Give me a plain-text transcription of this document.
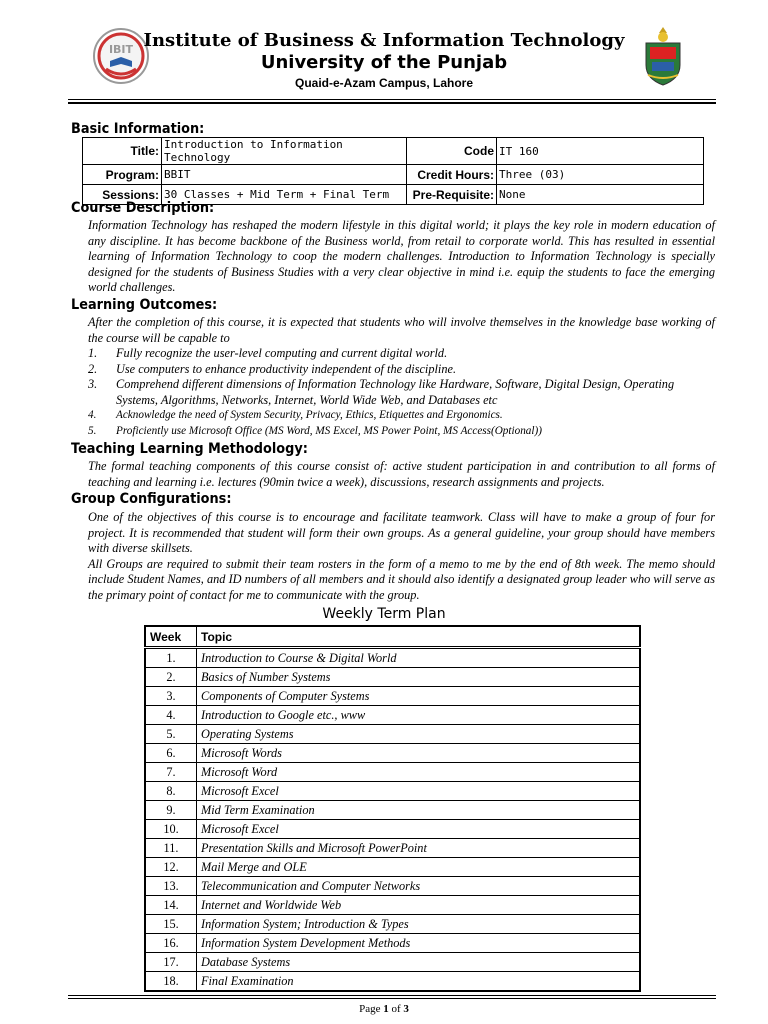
IBIT Institute of Business & Information Technology
University of the Punjab
Quaid-e-Azam Campus, Lahore
Basic Information:
Title:	Introduction to Information Technology	Code	IT 160
Program:	BBIT	Credit Hours:	Three (03)
Sessions:	30 Classes + Mid Term + Final Term	Pre-Requisite:	None
Course Description:

Information Technology has reshaped the modern lifestyle in this digital world; it plays the key role in modern education of any discipline. It has become backbone of the Business world, from retail to corporate world. This has resulted in essential learning of Information Technology to coop the modern challenges. Introduction to Information Technology is specially designed for the students of Business Studies with a very clear objective in mind i.e. equip the students to face the emerging world challenges.

Learning Outcomes:

After the completion of this course, it is expected that students who will involve themselves in the knowledge base working of the course will be capable to

1. Fully recognize the user-level computing and current digital world.
2. Use computers to enhance productivity independent of the discipline.
3. Comprehend different dimensions of Information Technology like Hardware, Software, Digital Design, Operating Systems, Algorithms, Networks, Internet, World Wide Web, and Databases etc
4. Acknowledge the need of System Security, Privacy, Ethics, Etiquettes and Ergonomics.
5. Proficiently use Microsoft Office (MS Word, MS Excel, MS Power Point, MS Access(Optional))
Teaching Learning Methodology:

The formal teaching components of this course consist of: active student participation in and contribution to all forms of teaching and learning i.e. lectures (90min twice a week), discussions, research assignments and projects.

Group Configurations:

One of the objectives of this course is to encourage and facilitate teamwork. Class will have to make a group of four for project. It is recommended that student will form their own groups. As a general guideline, your group should have members with diverse skillsets.

All Groups are required to submit their team rosters in the form of a memo to me by the end of 8th week. The memo should include Student Names, and ID numbers of all members and it should also identify a designated group leader who will serve as the primary point of contact for me to communicate with the group.

Weekly Term Plan
Week	Topic
1.	Introduction to Course & Digital World
2.	Basics of Number Systems
3.	Components of Computer Systems
4.	Introduction to Google etc., www
5.	Operating Systems
6.	Microsoft Words
7.	Microsoft Word
8.	Microsoft Excel
9.	Mid Term Examination
10.	Microsoft Excel
11.	Presentation Skills and Microsoft PowerPoint
12.	Mail Merge and OLE
13.	Telecommunication and Computer Networks
14.	Internet and Worldwide Web
15.	Information System; Introduction & Types
16.	Information System Development Methods
17.	Database Systems
18.	Final Examination
Page 1 of 3
